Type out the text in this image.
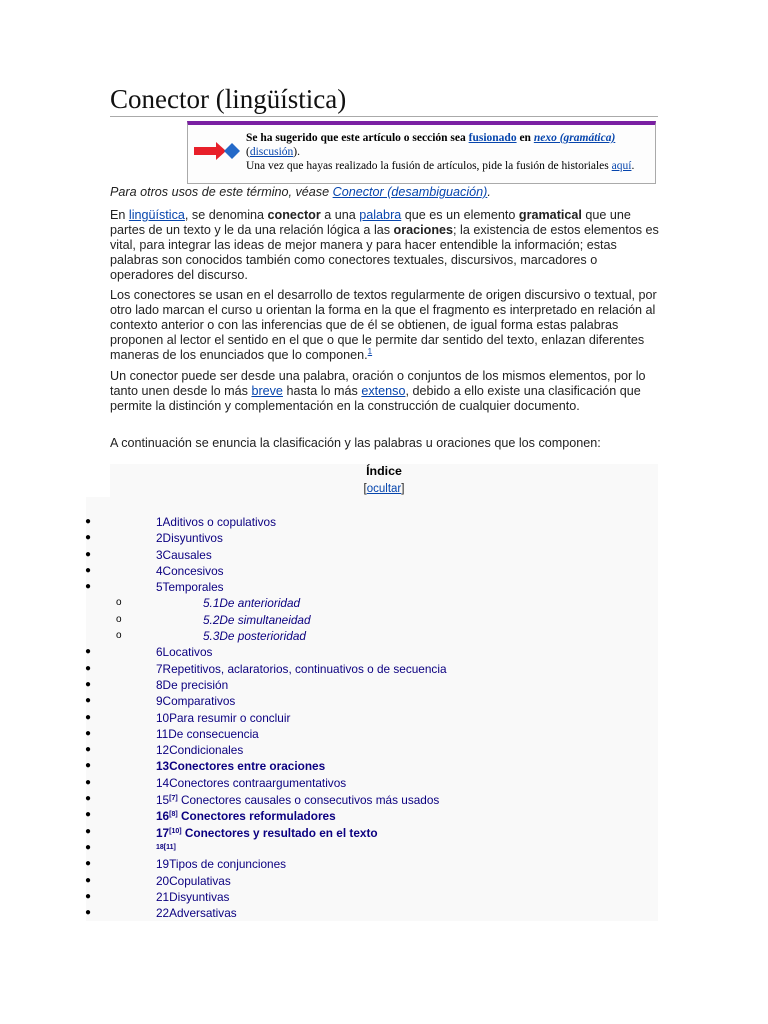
Conector (lingüística)
Se ha sugerido que este artículo o sección sea fusionado en nexo (gramática) (discusión).
Una vez que hayas realizado la fusión de artículos, pide la fusión de historiales aquí.
Para otros usos de este término, véase Conector (desambiguación).

En lingüística, se denomina conector a una palabra que es un elemento gramatical que une partes de un texto y le da una relación lógica a las oraciones; la existencia de estos elementos es vital, para integrar las ideas de mejor manera y para hacer entendible la información; estas palabras son conocidos también como conectores textuales, discursivos, marcadores o operadores del discurso.

Los conectores se usan en el desarrollo de textos regularmente de origen discursivo o textual, por otro lado marcan el curso u orientan la forma en la que el fragmento es interpretado en relación al contexto anterior o con las inferencias que de él se obtienen, de igual forma estas palabras proponen al lector el sentido en el que o que le permite dar sentido del texto, enlazan diferentes maneras de los enunciados que lo componen.$^1$

Un conector puede ser desde una palabra, oración o conjuntos de los mismos elementos, por lo tanto unen desde lo más breve hasta lo más extenso, debido a ello existe una clasificación que permite la distinción y complementación en la construcción de cualquier documento.

A continuación se enuncia la clasificación y las palabras u oraciones que los componen:

Índice
[ocultar]
●	1Aditivos o copulativos
●	2Disyuntivos
●	3Causales
●	4Concesivos
●	5Temporales
o	5.1De anterioridad
o	5.2De simultaneidad
o	5.3De posterioridad
●	6Locativos
●	7Repetitivos, aclaratorios, continuativos o de secuencia
●	8De precisión
●	9Comparativos
●	10Para resumir o concluir
●	11De consecuencia
●	12Condicionales
●	13Conectores entre oraciones
●	14Conectores contraargumentativos
●	15[7] Conectores causales o consecutivos más usados
●	16[8] Conectores reformuladores
●	17[10] Conectores y resultado en el texto
●	18[11]
●	19Tipos de conjunciones
●	20Copulativas
●	21Disyuntivas
●	22Adversativas
